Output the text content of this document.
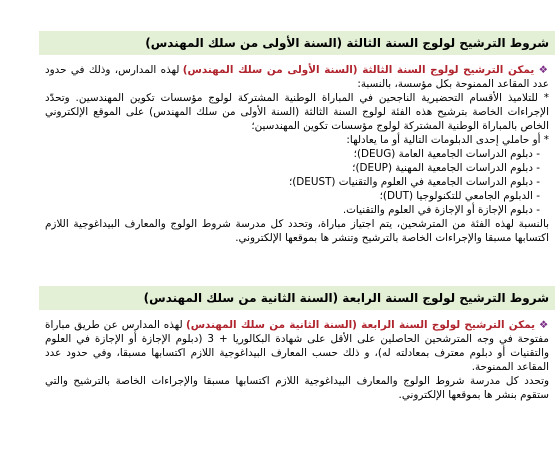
شروط الترشيح لولوج السنة الثالثة (السنة الأولى من سلك المهندس)

❖ يمكن الترشيح لولوج السنة الثالثة (السنة الأولى من سلك المهندس) لهذه المدارس، وذلك في حدود عدد المقاعد الممنوحة بكل مؤسسة، بالنسبة:

* للتلاميذ الأقسام التحضيرية الناجحين في المباراة الوطنية المشتركة لولوج مؤسسات تكوين المهندسين. وتحدّد الإجراءات الخاصة بترشيح هذه الفئة لولوج السنة الثالثة (السنة الأولى من سلك المهندس) على الموقع الإلكتروني الخاص بالمباراة الوطنية المشتركة لولوج مؤسسات تكوين المهندسين؛

* أو حاملي إحدى الدبلومات التالية أو ما يعادلها:

- دبلوم الدراسات الجامعية العامة (DEUG)؛
- دبلوم الدراسات الجامعية المهنية (DEUP)؛
- دبلوم الدراسات الجامعية في العلوم والتقنيات (DEUST)؛
- الدبلوم الجامعي للتكنولوجيا (DUT)؛
- دبلوم الإجازة أو الإجازة في العلوم والتقنيات.

بالنسبة لهذه الفئة من المترشحين، يتم اجتياز مباراة، وتحدد كل مدرسة شروط الولوج والمعارف البيداغوجية اللازم اكتسابها مسبقا والإجراءات الخاصة بالترشيح وتنشر ها بموقعها الإلكتروني.

شروط الترشيح لولوج السنة الرابعة (السنة الثانية من سلك المهندس)

❖ يمكن الترشيح لولوج السنة الرابعة (السنة الثانية من سلك المهندس) لهذه المدارس عن طريق مباراة مفتوحة في وجه المترشحين الحاصلين على الأقل على شهادة البكالوريا + 3 (دبلوم الإجازة أو الإجازة في العلوم والتقنيات أو دبلوم معترف بمعادلته له)، و ذلك حسب المعارف البيداغوجية اللازم اكتسابها مسبقا، وفي حدود عدد المقاعد الممنوحة.

وتحدد كل مدرسة شروط الولوج والمعارف البيداغوجية اللازم اكتسابها مسبقا والإجراءات الخاصة بالترشيح والتي ستقوم بنشر ها بموقعها الإلكتروني.
